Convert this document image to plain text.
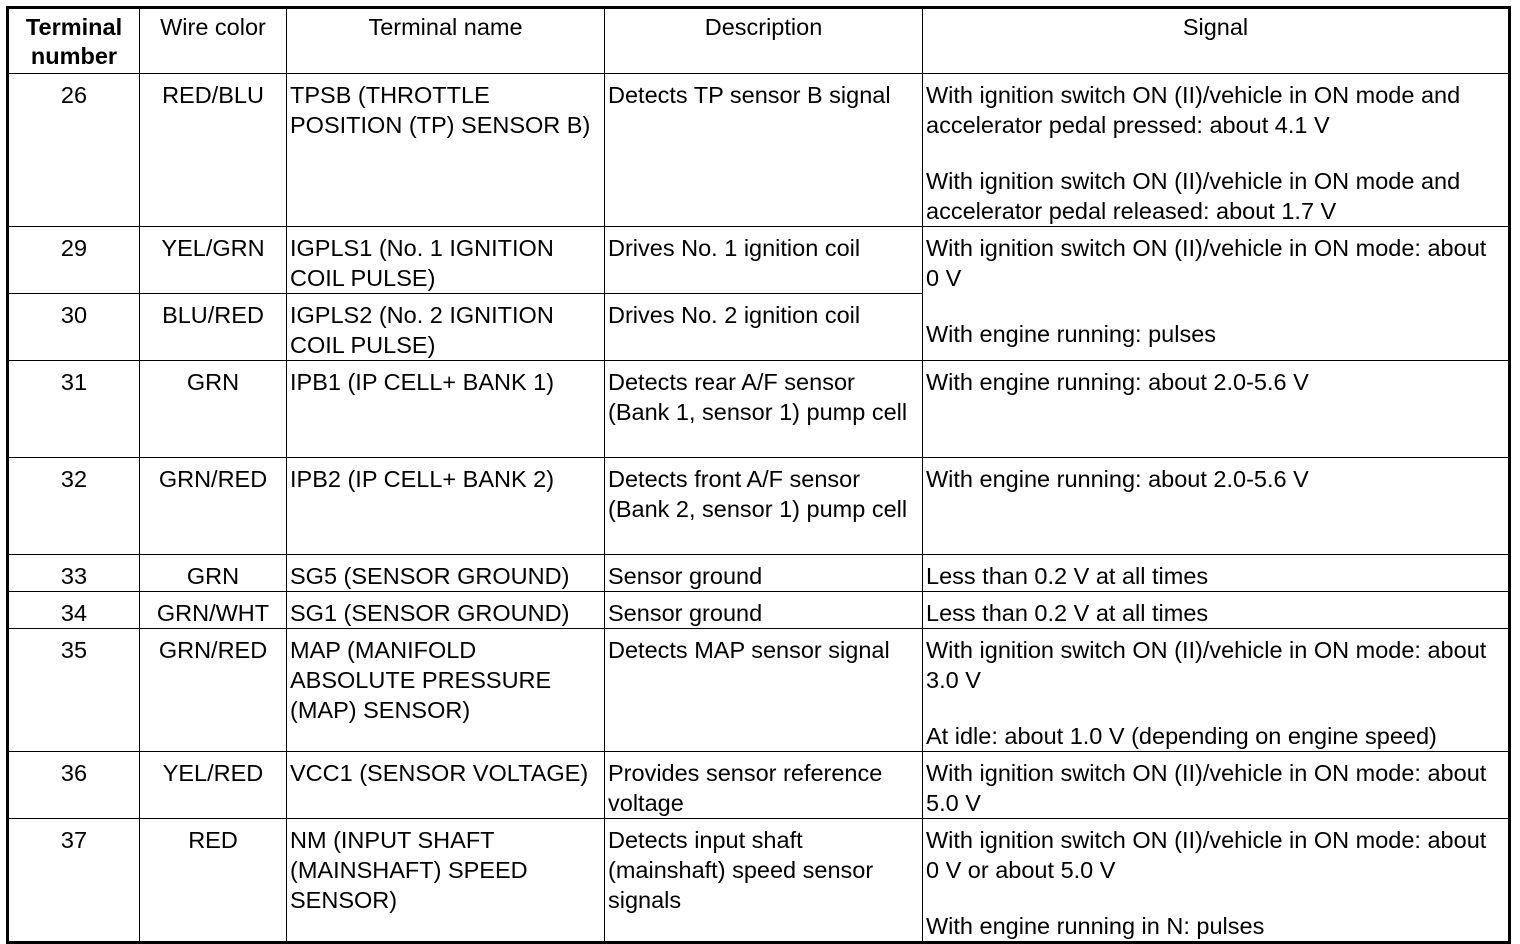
Terminal number	Wire color	Terminal name	Description	Signal
26	RED/BLU	TPSB (THROTTLE POSITION (TP) SENSOR B)	Detects TP sensor B signal	With ignition switch ON (II)/vehicle in ON mode and accelerator pedal pressed: about 4.1 V
With ignition switch ON (II)/vehicle in ON mode and accelerator pedal released: about 1.7 V

29	YEL/GRN	IGPLS1 (No. 1 IGNITION COIL PULSE)	Drives No. 1 ignition coil	With ignition switch ON (II)/vehicle in ON mode: about 0 V
With engine running: pulses

30	BLU/RED	IGPLS2 (No. 2 IGNITION COIL PULSE)	Drives No. 2 ignition coil	
31	GRN	IPB1 (IP CELL+ BANK 1)	Detects rear A/F sensor (Bank 1, sensor 1) pump cell	With engine running: about 2.0-5.6 V

32	GRN/RED	IPB2 (IP CELL+ BANK 2)	Detects front A/F sensor (Bank 2, sensor 1) pump cell	With engine running: about 2.0-5.6 V

33	GRN	SG5 (SENSOR GROUND)	Sensor ground	Less than 0.2 V at all times

34	GRN/WHT	SG1 (SENSOR GROUND)	Sensor ground	Less than 0.2 V at all times

35	GRN/RED	MAP (MANIFOLD ABSOLUTE PRESSURE (MAP) SENSOR)	Detects MAP sensor signal	With ignition switch ON (II)/vehicle in ON mode: about 3.0 V
At idle: about 1.0 V (depending on engine speed)

36	YEL/RED	VCC1 (SENSOR VOLTAGE)	Provides sensor reference voltage	With ignition switch ON (II)/vehicle in ON mode: about 5.0 V

37	RED	NM (INPUT SHAFT (MAINSHAFT) SPEED SENSOR)	Detects input shaft (mainshaft) speed sensor signals	With ignition switch ON (II)/vehicle in ON mode: about 0 V or about 5.0 V
With engine running in N: pulses
